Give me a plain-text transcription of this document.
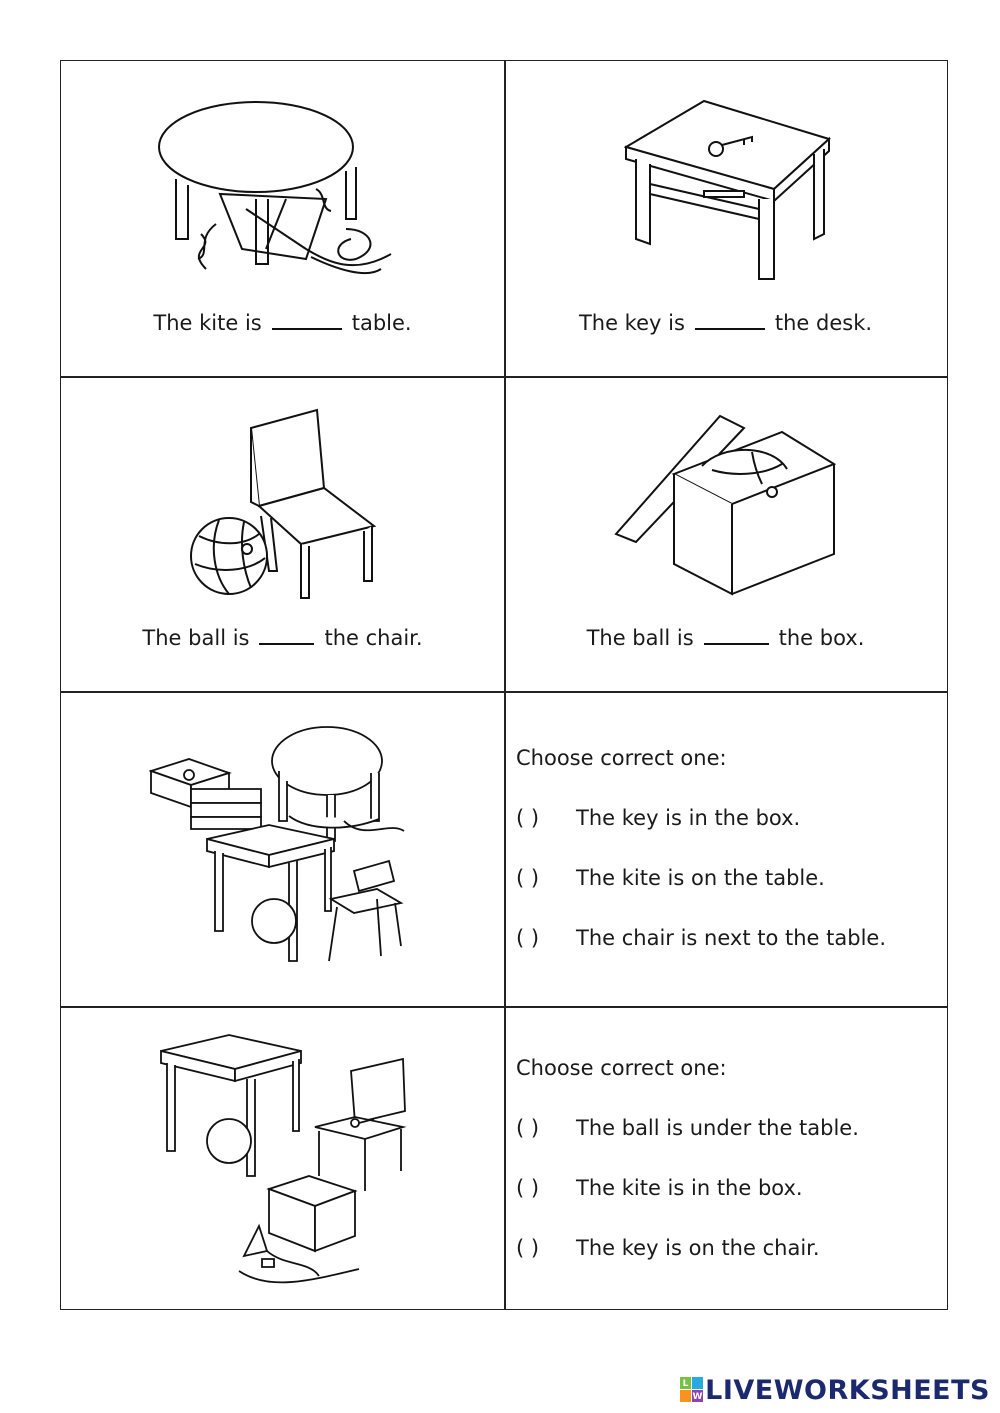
The kite is	table.	The key is	the desk.
The ball is	the chair.	The ball is	the box.
Choose correct one:
( ) The key is in the box.
( ) The kite is on the table.
( ) The chair is next to the table.
Choose correct one:
( ) The ball is under the table.
( ) The kite is in the box.
( ) The key is on the chair.
L
W LIVEWORKSHEETS
